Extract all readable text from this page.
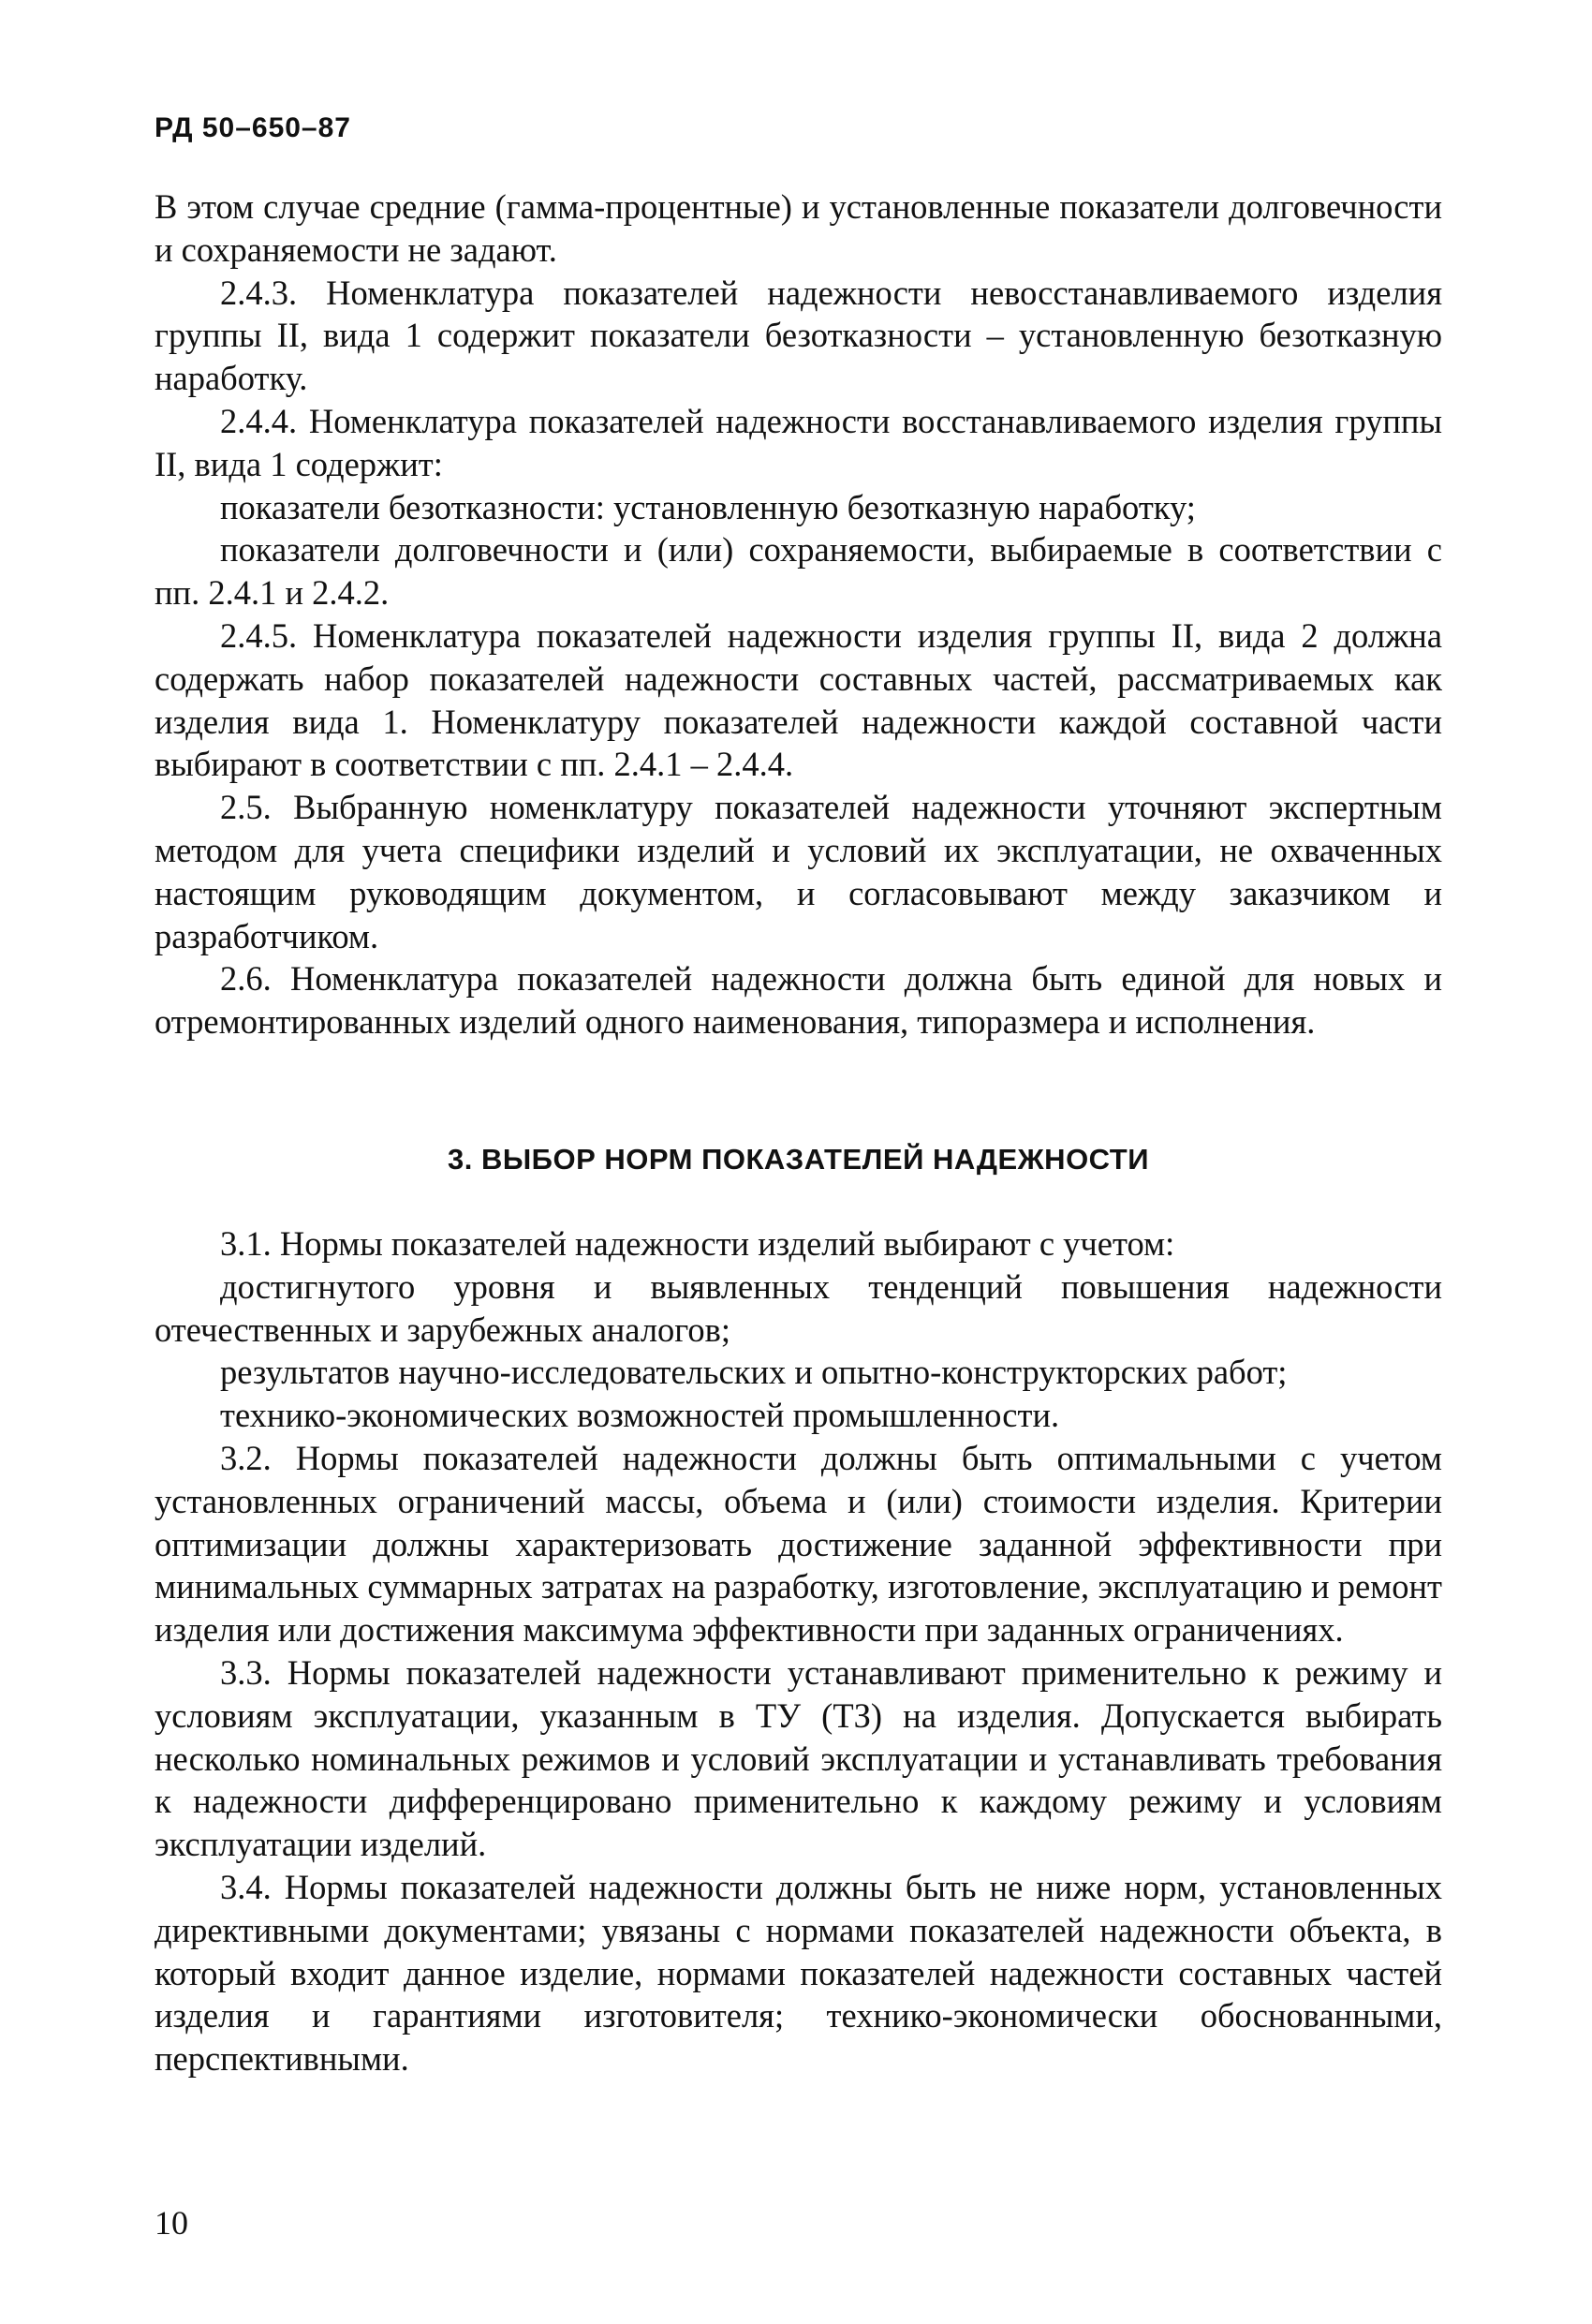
РД 50–650–87

В этом случае средние (гамма-процентные) и установленные показатели долговечности и сохраняемости не задают.

2.4.3. Номенклатура показателей надежности невосстанавливаемого изделия группы II, вида 1 содержит показатели безотказности – установленную безотказную наработку.

2.4.4. Номенклатура показателей надежности восстанавливаемого изделия группы II, вида 1 содержит:

показатели безотказности: установленную безотказную наработку;

показатели долговечности и (или) сохраняемости, выбираемые в соответствии с пп. 2.4.1 и 2.4.2.

2.4.5. Номенклатура показателей надежности изделия группы II, вида 2 должна содержать набор показателей надежности составных частей, рассматриваемых как изделия вида 1. Номенклатуру показателей надежности каждой составной части выбирают в соответствии с пп. 2.4.1 – 2.4.4.

2.5. Выбранную номенклатуру показателей надежности уточняют экспертным методом для учета специфики изделий и условий их эксплуатации, не охваченных настоящим руководящим документом, и согласовывают между заказчиком и разработчиком.

2.6. Номенклатура показателей надежности должна быть единой для новых и отремонтированных изделий одного наименования, типоразмера и исполнения.

3. ВЫБОР НОРМ ПОКАЗАТЕЛЕЙ НАДЕЖНОСТИ

3.1. Нормы показателей надежности изделий выбирают с учетом:

достигнутого уровня и выявленных тенденций повышения надежности отечественных и зарубежных аналогов;

результатов научно-исследовательских и опытно-конструкторских работ;

технико-экономических возможностей промышленности.

3.2. Нормы показателей надежности должны быть оптимальными с учетом установленных ограничений массы, объема и (или) стоимости изделия. Критерии оптимизации должны характеризовать достижение заданной эффективности при минимальных суммарных затратах на разработку, изготовление, эксплуатацию и ремонт изделия или достижения максимума эффективности при заданных ограничениях.

3.3. Нормы показателей надежности устанавливают применительно к режиму и условиям эксплуатации, указанным в ТУ (ТЗ) на изделия. Допускается выбирать несколько номинальных режимов и условий эксплуатации и устанавливать требования к надежности дифференцировано применительно к каждому режиму и условиям эксплуатации изделий.

3.4. Нормы показателей надежности должны быть не ниже норм, установленных директивными документами; увязаны с нормами показателей надежности объекта, в который входит данное изделие, нормами показателей надежности составных частей изделия и гарантиями изготовителя; технико-экономически обоснованными, перспективными.

10
